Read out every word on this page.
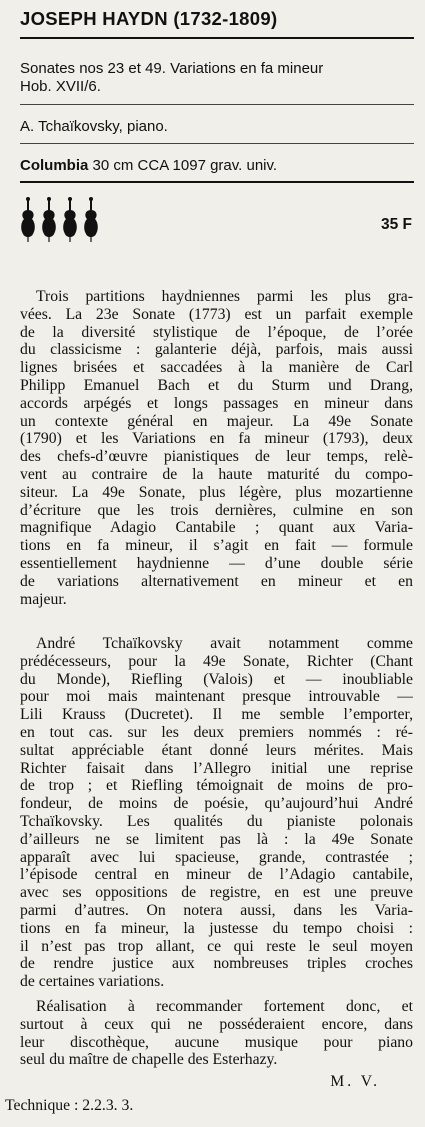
JOSEPH HAYDN (1732-1809)
Sonates nos 23 et 49. Variations en fa mineur
Hob. XVII/6.
A. Tchaïkovsky, piano.
Columbia 30 cm CCA 1097 grav. univ.
35 F
Trois partitions haydniennes parmi les plus gra-
vées. La 23e Sonate (1773) est un parfait exemple
de la diversité stylistique de l’époque, de l’orée
du classicisme : galanterie déjà, parfois, mais aussi
lignes brisées et saccadées à la manière de Carl
Philipp Emanuel Bach et du Sturm und Drang,
accords arpégés et longs passages en mineur dans
un contexte général en majeur. La 49e Sonate
(1790) et les Variations en fa mineur (1793), deux
des chefs-d’œuvre pianistiques de leur temps, relè-
vent au contraire de la haute maturité du compo-
siteur. La 49e Sonate, plus légère, plus mozartienne
d’écriture que les trois dernières, culmine en son
magnifique Adagio Cantabile ; quant aux Varia-
tions en fa mineur, il s’agit en fait — formule
essentiellement haydnienne — d’une double série
de variations alternativement en mineur et en
majeur.
André Tchaïkovsky avait notamment comme
prédécesseurs, pour la 49e Sonate, Richter (Chant
du Monde), Riefling (Valois) et — inoubliable
pour moi mais maintenant presque introuvable —
Lili Krauss (Ducretet). Il me semble l’emporter,
en tout cas. sur les deux premiers nommés : ré-
sultat appréciable étant donné leurs mérites. Mais
Richter faisait dans l’Allegro initial une reprise
de trop ; et Riefling témoignait de moins de pro-
fondeur, de moins de poésie, qu’aujourd’hui André
Tchaïkovsky. Les qualités du pianiste polonais
d’ailleurs ne se limitent pas là : la 49e Sonate
apparaît avec lui spacieuse, grande, contrastée ;
l’épisode central en mineur de l’Adagio cantabile,
avec ses oppositions de registre, en est une preuve
parmi d’autres. On notera aussi, dans les Varia-
tions en fa mineur, la justesse du tempo choisi :
il n’est pas trop allant, ce qui reste le seul moyen
de rendre justice aux nombreuses triples croches
de certaines variations.
Réalisation à recommander fortement donc, et
surtout à ceux qui ne posséderaient encore, dans
leur discothèque, aucune musique pour piano
seul du maître de chapelle des Esterhazy.
M. V.
Technique : 2.2.3. 3.
